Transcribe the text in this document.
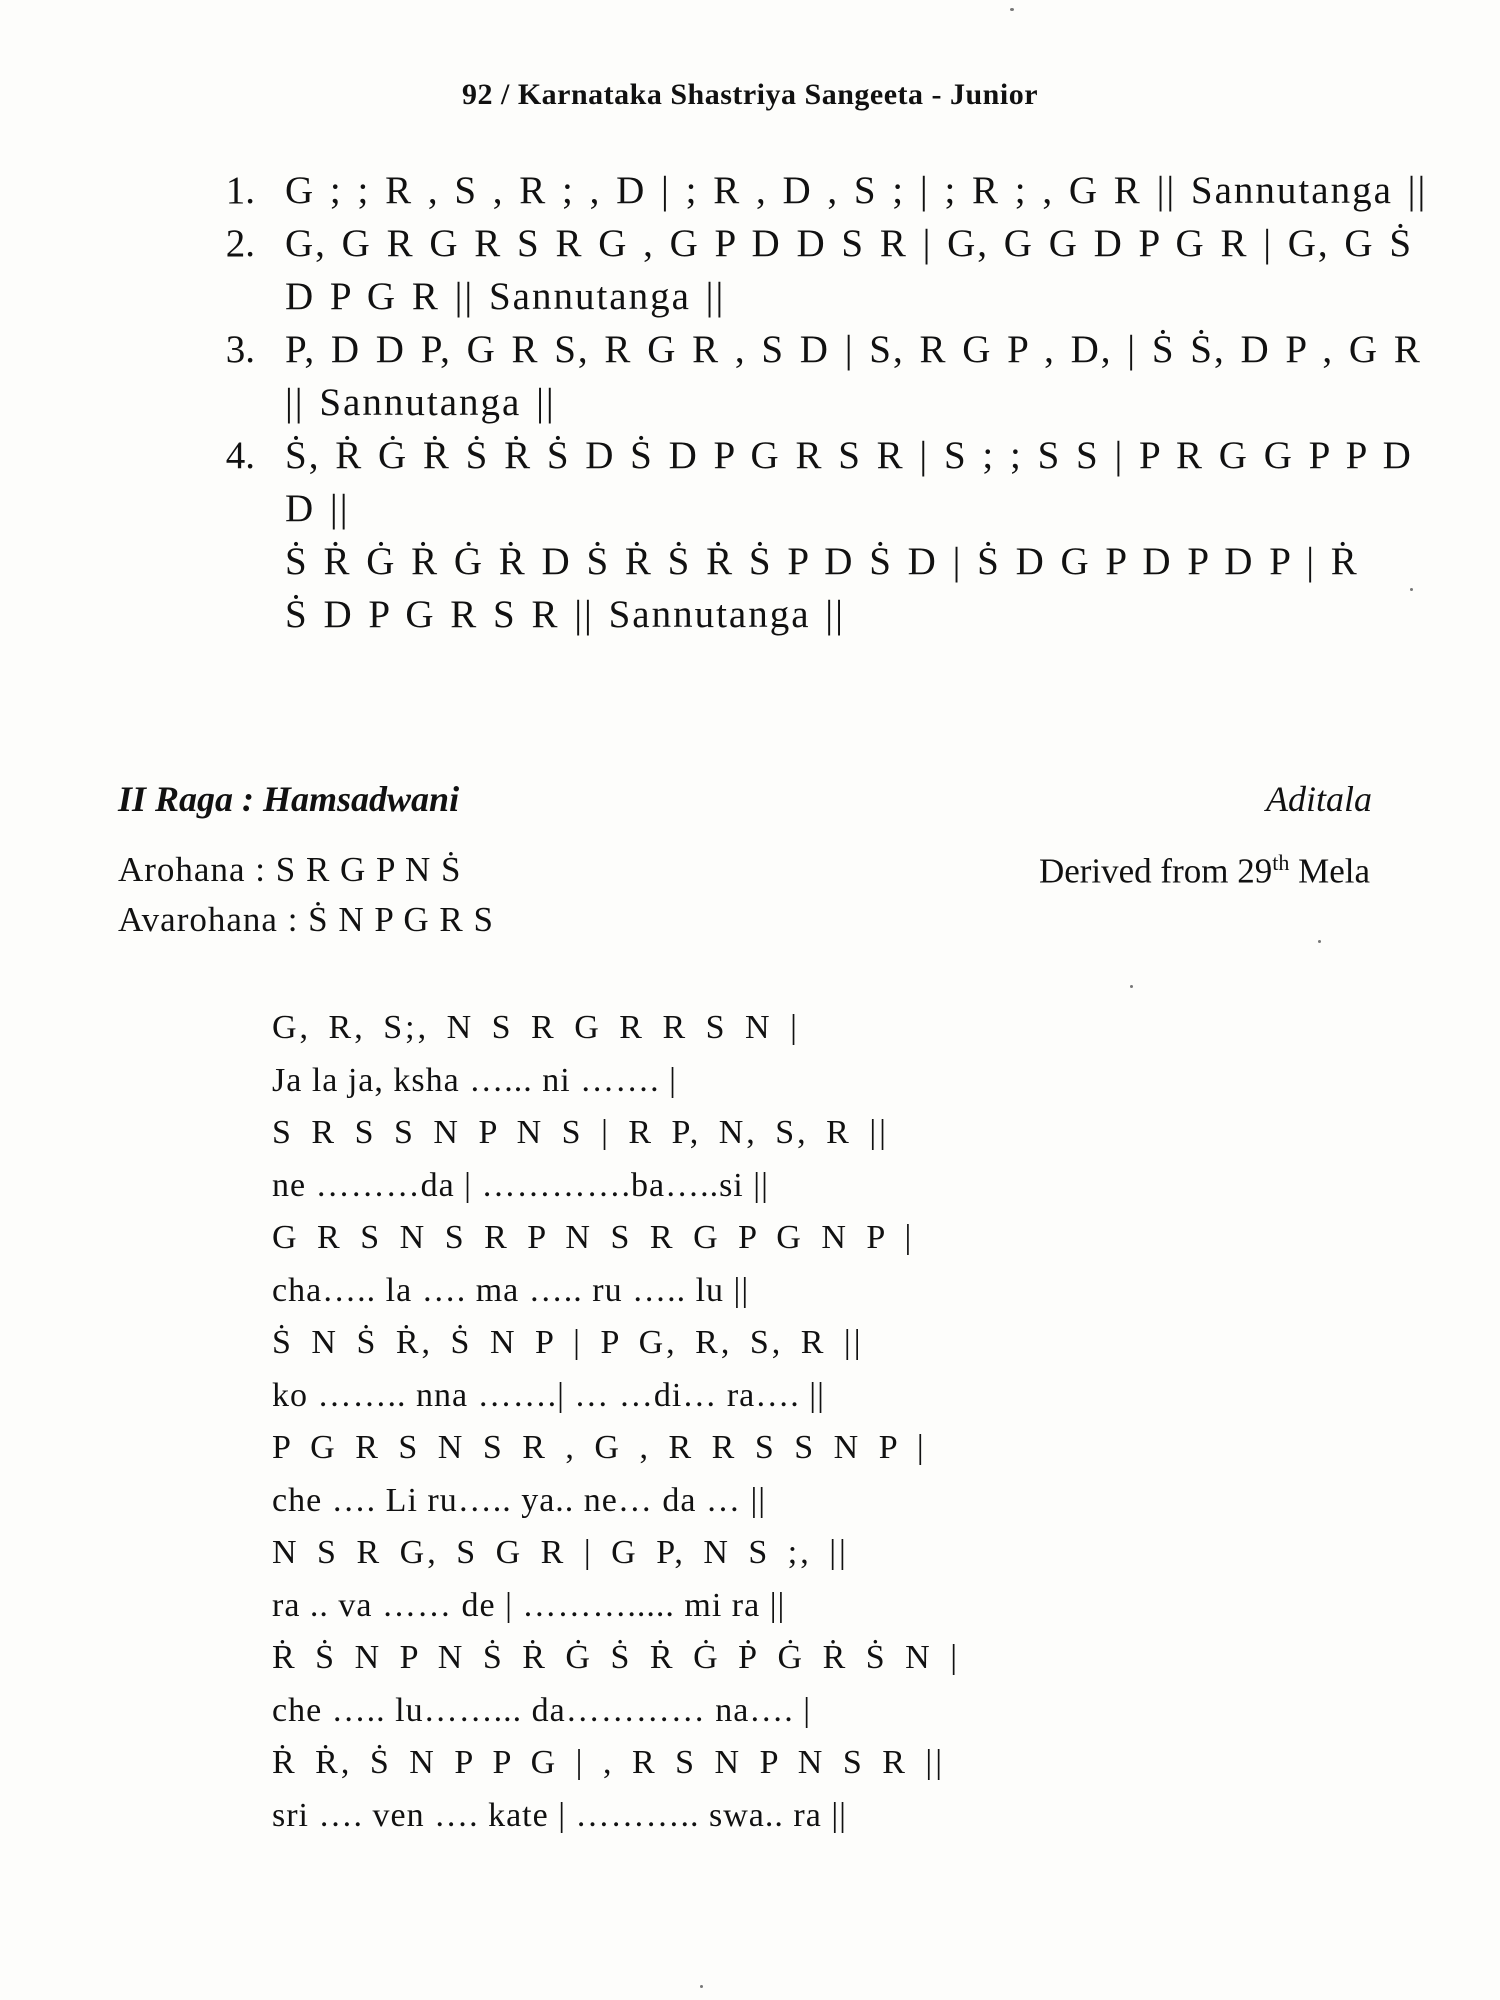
92 / Karnataka Shastriya Sangeeta - Junior
1. G ; ; R , S , R ; , D | ; R , D , S ; | ; R ; , G R || Sannutanga ||
2. G, G R G R S R G , G P D D S R | G, G G D P G R | G, G Ṡ
D P G R || Sannutanga ||
3. P, D D P, G R S, R G R , S D | S, R G P , D, | Ṡ Ṡ, D P , G R
|| Sannutanga ||
4. Ṡ, Ṙ Ġ Ṙ Ṡ Ṙ Ṡ D Ṡ D P G R S R | S ; ; S S | P R G G P P D
D ||
Ṡ Ṙ Ġ Ṙ Ġ Ṙ D Ṡ Ṙ Ṡ Ṙ Ṡ P D Ṡ D | Ṡ D G P D P D P | Ṙ
Ṡ D P G R S R || Sannutanga ||
II Raga : Hamsadwani	Aditala
Arohana : S R G P N Ṡ
Avarohana : Ṡ N P G R S
Derived from 29th Mela
G, R, S;, N S R G R R S N |
Ja la ja, ksha …... ni ……. |
S R S S N P N S | R P, N, S, R ||
ne ………da | ………….ba…..si ||
G R S N S R P N S R G P G N P |
cha….. la …. ma ….. ru ….. lu ||
Ṡ N Ṡ Ṙ, Ṡ N P | P G, R, S, R ||
ko …….. nna …….| … …di… ra…. ||
P G R S N S R , G , R R S S N P |
che …. Li ru….. ya.. ne… da … ||
N S R G, S G R | G P, N S ;, ||
ra .. va …… de | ………..... mi ra ||
Ṙ Ṡ N P N Ṡ Ṙ Ġ Ṡ Ṙ Ġ Ṗ Ġ Ṙ Ṡ N |
che ….. lu……... da………… na…. |
Ṙ Ṙ, Ṡ N P P G | , R S N P N S R ||
sri …. ven …. kate | ……….. swa.. ra ||
